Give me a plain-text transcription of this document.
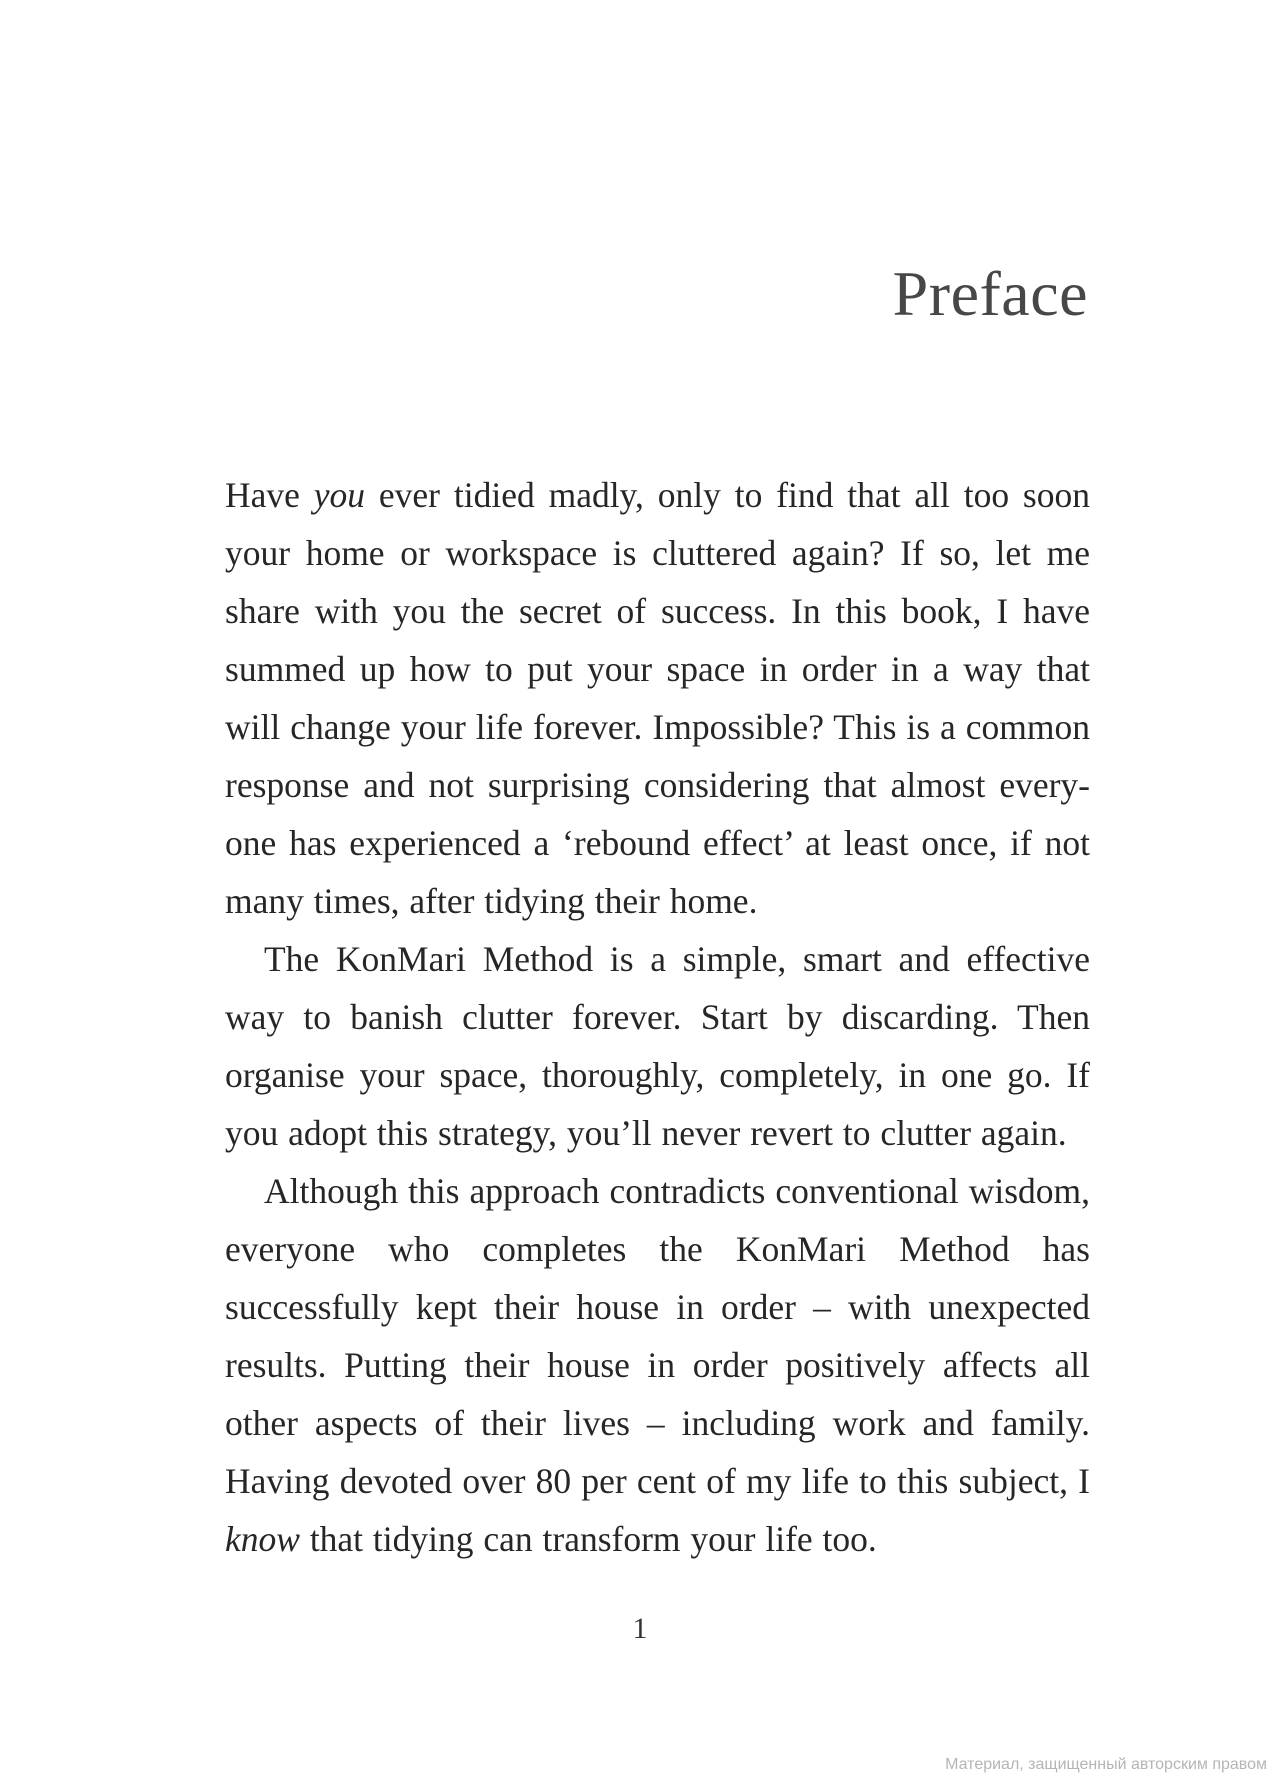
Preface

Have you ever tidied madly, only to find that all too soon your home or workspace is cluttered again? If so, let me share with you the secret of success. In this book, I have summed up how to put your space in order in a way that will change your life forever. Impossible? This is a common response and not surprising considering that almost everyone has experienced a ‘rebound effect’ at least once, if not many times, after tidying their home.

The KonMari Method is a simple, smart and effective way to banish clutter forever. Start by discarding. Then organise your space, thoroughly, completely, in one go. If you adopt this strategy, you’ll never revert to clutter again.

Although this approach contradicts conventional wisdom, everyone who completes the KonMari Method has successfully kept their house in order – with unexpected results. Putting their house in order positively affects all other aspects of their lives – including work and family. Having devoted over 80 per cent of my life to this subject, I know that tidying can transform your life too.

1
Материал, защищенный авторским правом
